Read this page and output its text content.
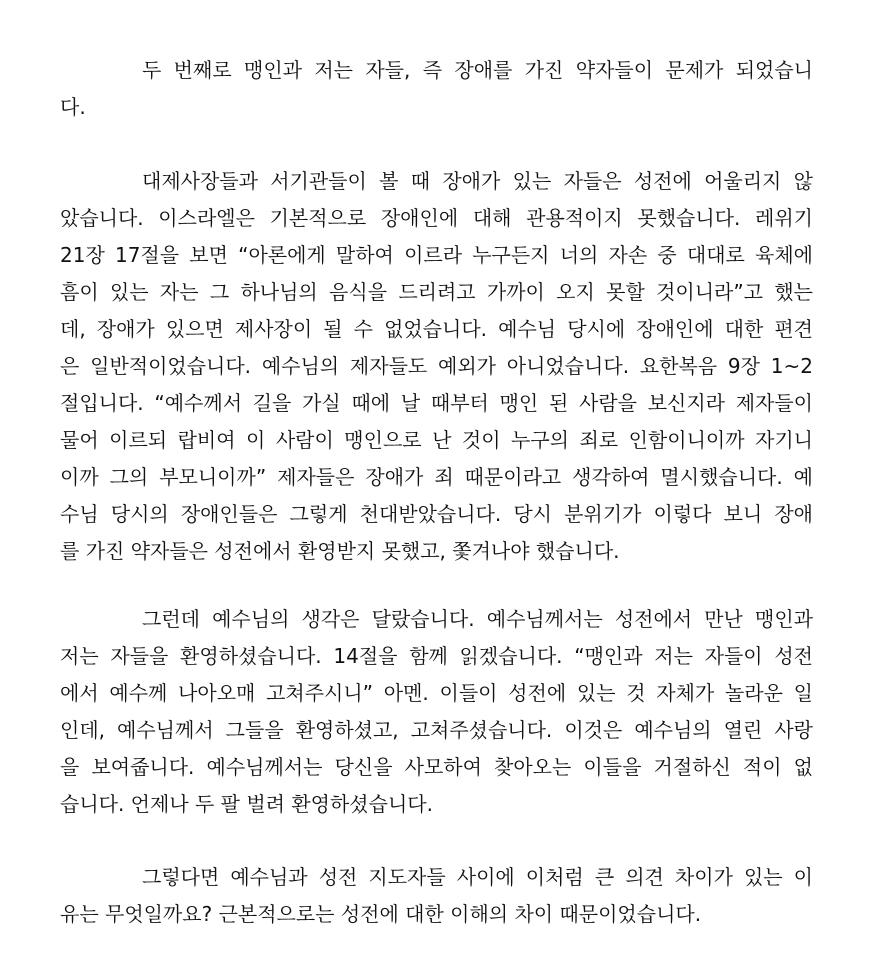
두 번째로 맹인과 저는 자들, 즉 장애를 가진 약자들이 문제가 되었습니
다.
대제사장들과 서기관들이 볼 때 장애가 있는 자들은 성전에 어울리지 않
았습니다. 이스라엘은 기본적으로 장애인에 대해 관용적이지 못했습니다. 레위기
21장 17절을 보면 “아론에게 말하여 이르라 누구든지 너의 자손 중 대대로 육체에
흠이 있는 자는 그 하나님의 음식을 드리려고 가까이 오지 못할 것이니라”고 했는
데, 장애가 있으면 제사장이 될 수 없었습니다. 예수님 당시에 장애인에 대한 편견
은 일반적이었습니다. 예수님의 제자들도 예외가 아니었습니다. 요한복음 9장 1~2
절입니다. “예수께서 길을 가실 때에 날 때부터 맹인 된 사람을 보신지라 제자들이
물어 이르되 랍비여 이 사람이 맹인으로 난 것이 누구의 죄로 인함이니이까 자기니
이까 그의 부모니이까” 제자들은 장애가 죄 때문이라고 생각하여 멸시했습니다. 예
수님 당시의 장애인들은 그렇게 천대받았습니다. 당시 분위기가 이렇다 보니 장애
를 가진 약자들은 성전에서 환영받지 못했고, 쫓겨나야 했습니다.
그런데 예수님의 생각은 달랐습니다. 예수님께서는 성전에서 만난 맹인과
저는 자들을 환영하셨습니다. 14절을 함께 읽겠습니다. “맹인과 저는 자들이 성전
에서 예수께 나아오매 고쳐주시니” 아멘. 이들이 성전에 있는 것 자체가 놀라운 일
인데, 예수님께서 그들을 환영하셨고, 고쳐주셨습니다. 이것은 예수님의 열린 사랑
을 보여줍니다. 예수님께서는 당신을 사모하여 찾아오는 이들을 거절하신 적이 없
습니다. 언제나 두 팔 벌려 환영하셨습니다.
그렇다면 예수님과 성전 지도자들 사이에 이처럼 큰 의견 차이가 있는 이
유는 무엇일까요? 근본적으로는 성전에 대한 이해의 차이 때문이었습니다.
